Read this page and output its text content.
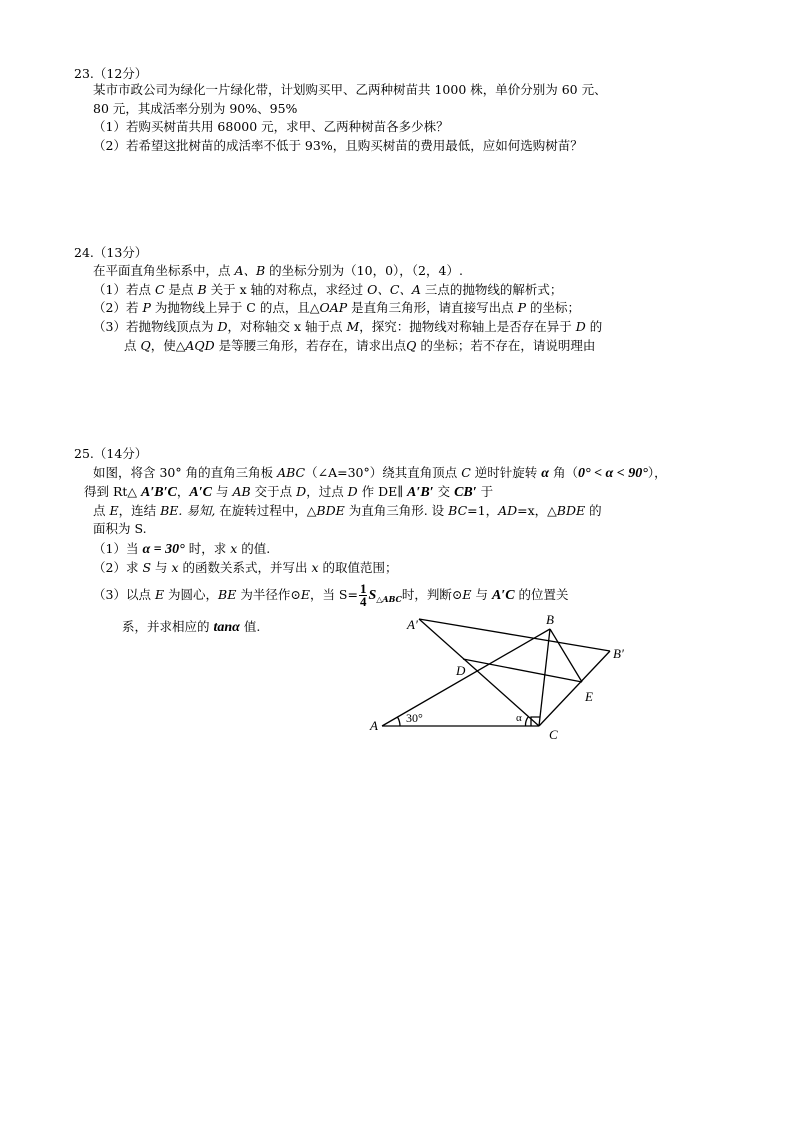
23.（12分）
某市市政公司为绿化一片绿化带，计划购买甲、乙两种树苗共 1000 株，单价分别为 60 元、
80 元，其成活率分别为 90%、95%
（1）若购买树苗共用 68000 元，求甲、乙两种树苗各多少株？
（2）若希望这批树苗的成活率不低于 93%，且购买树苗的费用最低，应如何选购树苗？
24.（13分）
在平面直角坐标系中，点 A、B 的坐标分别为（10，0），（2，4）.
（1）若点 C 是点 B 关于 x 轴的对称点，求经过 O、C、A 三点的抛物线的解析式；
（2）若 P 为抛物线上异于 C 的点，且△OAP 是直角三角形，请直接写出点 P 的坐标；
（3）若抛物线顶点为 D，对称轴交 x 轴于点 M，探究：抛物线对称轴上是否存在异于 D 的
点 Q，使△AQD 是等腰三角形，若存在，请求出点Q 的坐标；若不存在，请说明理由
25.（14分）
如图，将含 30° 角的直角三角板 ABC（∠A=30°）绕其直角顶点 C 逆时针旋转 α 角（0° < α < 90°），
得到 Rt△ A′B′C，A′C 与 AB 交于点 D，过点 D 作 DE∥ A′B′ 交 CB′ 于
点 E，连结 BE. 易知, 在旋转过程中，△BDE 为直角三角形. 设 BC=1，AD=x，△BDE 的
面积为 S.
（1）当 α = 30° 时，求 x 的值.
（2）求 S 与 x 的函数关系式，并写出 x 的取值范围；
（3）以点 E 为圆心，BE 为半径作⊙E，当 $S= \frac{1}{4} S_{\triangle ABC}$时，判断⊙E 与 A′C 的位置关
系，并求相应的 tanα 值.	A′	B
B′
D
E
A
C
30°	α
